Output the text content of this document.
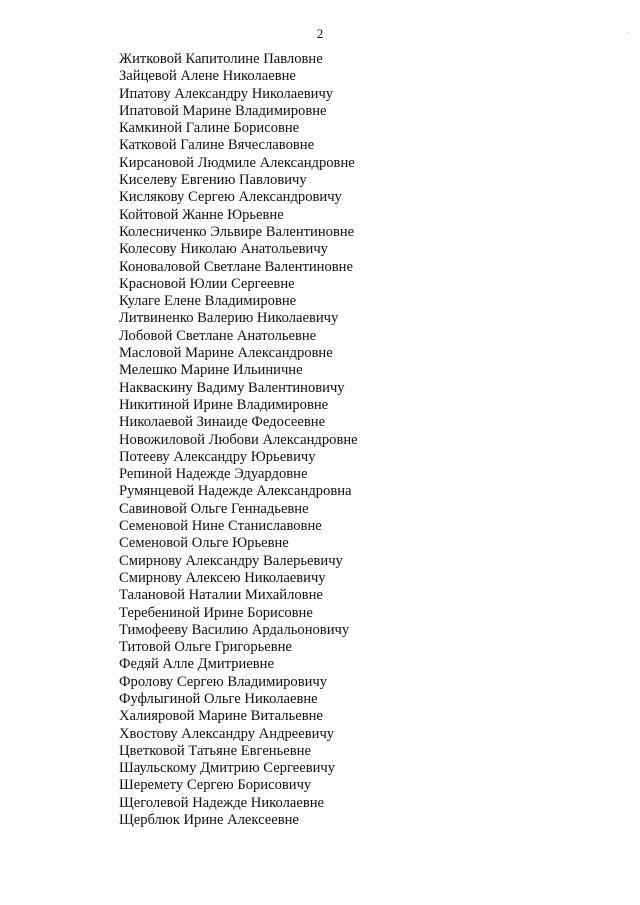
2	·
Житковой Капитолине Павловне
Зайцевой Алене Николаевне
Ипатову Александру Николаевичу
Ипатовой Марине Владимировне
Камкиной Галине Борисовне
Катковой Галине Вячеславовне
Кирсановой Людмиле Александровне
Киселеву Евгению Павловичу
Кислякову Сергею Александровичу
Койтовой Жанне Юрьевне
Колесниченко Эльвире Валентиновне
Колесову Николаю Анатольевичу
Коноваловой Светлане Валентиновне
Красновой Юлии Сергеевне
Кулаге Елене Владимировне
Литвиненко Валерию Николаевичу
Лобовой Светлане Анатольевне
Масловой Марине Александровне
Мелешко Марине Ильиничне
Накваскину Вадиму Валентиновичу
Никитиной Ирине Владимировне
Николаевой Зинаиде Федосеевне
Новожиловой Любови Александровне
Потееву Александру Юрьевичу
Репиной Надежде Эдуардовне
Румянцевой Надежде Александровна
Савиновой Ольге Геннадьевне
Семеновой Нине Станиславовне
Семеновой Ольге Юрьевне
Смирнову Александру Валерьевичу
Смирнову Алексею Николаевичу
Талановой Наталии Михайловне
Теребениной Ирине Борисовне
Тимофееву Василию Ардальоновичу
Титовой Ольге Григорьевне
Федяй Алле Дмитриевне
Фролову Сергею Владимировичу
Фуфлыгиной Ольге Николаевне
Халияровой Марине Витальевне
Хвостову Александру Андреевичу
Цветковой Татьяне Евгеньевне
Шаульскому Дмитрию Сергеевичу
Шеремету Сергею Борисовичу
Щеголевой Надежде Николаевне
Щерблюк Ирине Алексеевне
